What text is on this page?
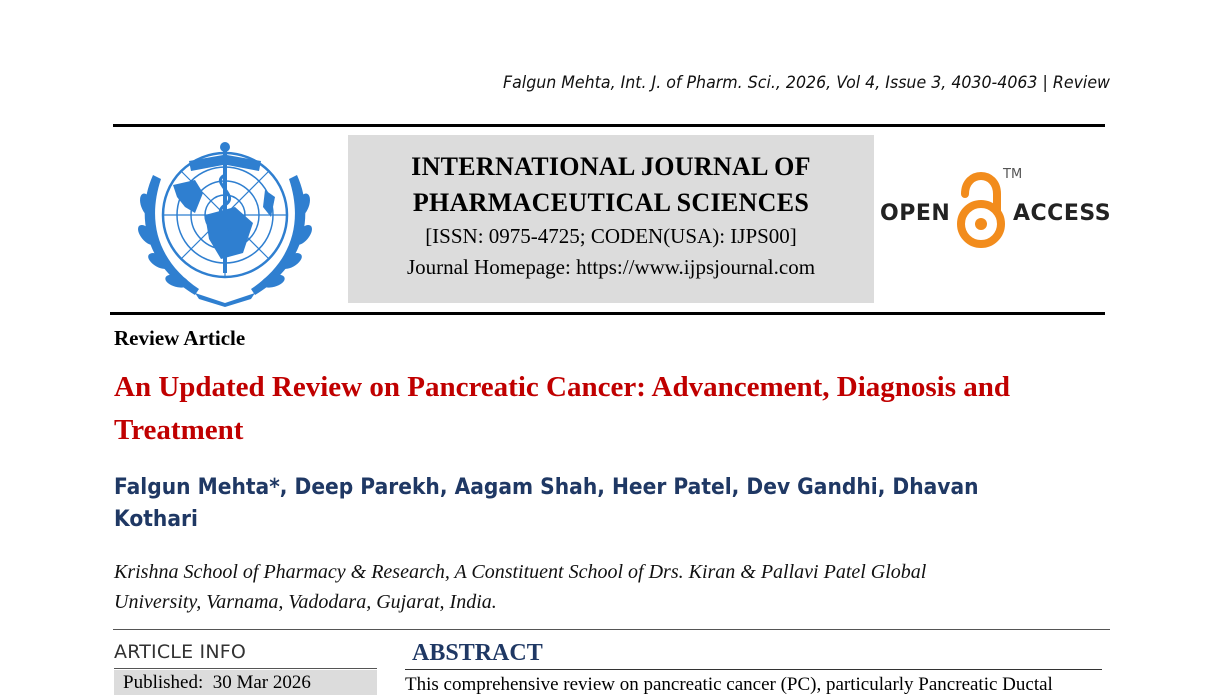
Falgun Mehta, Int. J. of Pharm. Sci., 2026, Vol 4, Issue 3, 4030-4063 | Review
INTERNATIONAL JOURNAL OF
PHARMACEUTICAL SCIENCES
[ISSN: 0975-4725; CODEN(USA): IJPS00]
Journal Homepage: https://www.ijpsjournal.com
OPEN
TM
ACCESS
Review Article
An Updated Review on Pancreatic Cancer: Advancement, Diagnosis and Treatment
Falgun Mehta*, Deep Parekh, Aagam Shah, Heer Patel, Dev Gandhi, Dhavan
Kothari
Krishna School of Pharmacy & Research, A Constituent School of Drs. Kiran & Pallavi Patel Global
University, Varnama, Vadodara, Gujarat, India.
ARTICLE INFO
Published:  30 Mar 2026
ABSTRACT
This comprehensive review on pancreatic cancer (PC), particularly Pancreatic Ductal
